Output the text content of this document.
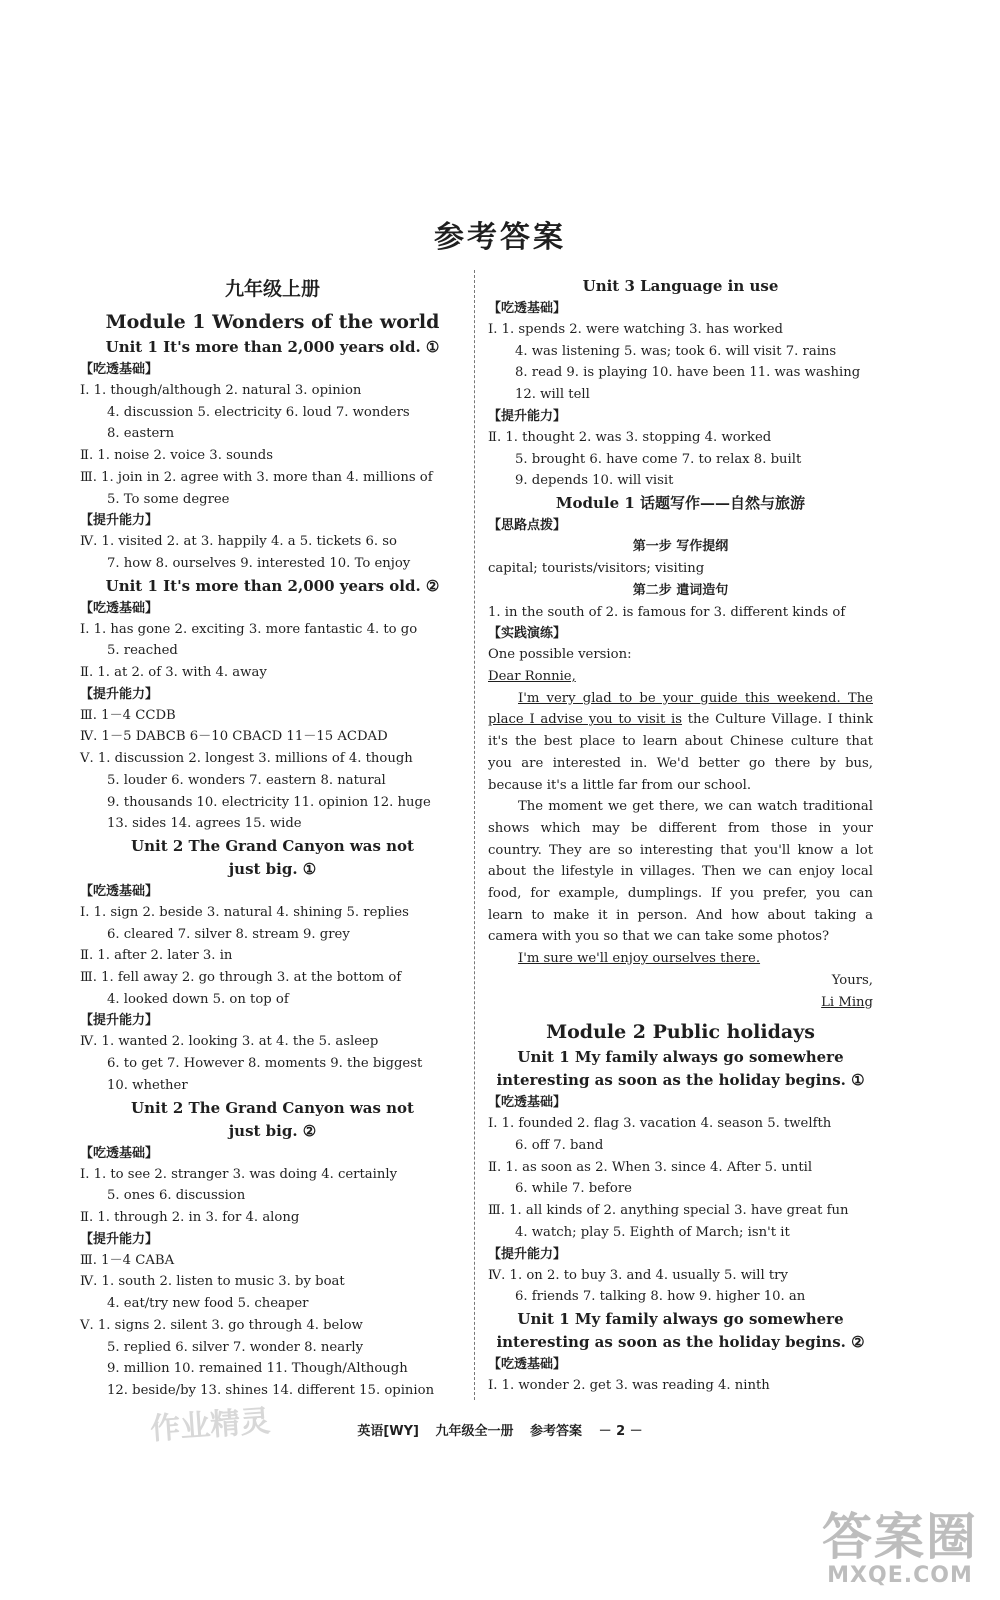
参考答案
九年级上册
Module 1 Wonders of the world
Unit 1 It's more than 2,000 years old. ①
【吃透基础】
Ⅰ. 1. though/although 2. natural 3. opinion
4. discussion 5. electricity 6. loud 7. wonders
8. eastern
Ⅱ. 1. noise 2. voice 3. sounds
Ⅲ. 1. join in 2. agree with 3. more than 4. millions of
5. To some degree
【提升能力】
Ⅳ. 1. visited 2. at 3. happily 4. a 5. tickets 6. so
7. how 8. ourselves 9. interested 10. To enjoy
Unit 1 It's more than 2,000 years old. ②
【吃透基础】
Ⅰ. 1. has gone 2. exciting 3. more fantastic 4. to go
5. reached
Ⅱ. 1. at 2. of 3. with 4. away
【提升能力】
Ⅲ. 1－4 CCDB
Ⅳ. 1－5 DABCB 6－10 CBACD 11－15 ACDAD
Ⅴ. 1. discussion 2. longest 3. millions of 4. though
5. louder 6. wonders 7. eastern 8. natural
9. thousands 10. electricity 11. opinion 12. huge
13. sides 14. agrees 15. wide
Unit 2 The Grand Canyon was not
just big. ①
【吃透基础】
Ⅰ. 1. sign 2. beside 3. natural 4. shining 5. replies
6. cleared 7. silver 8. stream 9. grey
Ⅱ. 1. after 2. later 3. in
Ⅲ. 1. fell away 2. go through 3. at the bottom of
4. looked down 5. on top of
【提升能力】
Ⅳ. 1. wanted 2. looking 3. at 4. the 5. asleep
6. to get 7. However 8. moments 9. the biggest
10. whether
Unit 2 The Grand Canyon was not
just big. ②
【吃透基础】
Ⅰ. 1. to see 2. stranger 3. was doing 4. certainly
5. ones 6. discussion
Ⅱ. 1. through 2. in 3. for 4. along
【提升能力】
Ⅲ. 1－4 CABA
Ⅳ. 1. south 2. listen to music 3. by boat
4. eat/try new food 5. cheaper
Ⅴ. 1. signs 2. silent 3. go through 4. below
5. replied 6. silver 7. wonder 8. nearly
9. million 10. remained 11. Though/Although
12. beside/by 13. shines 14. different 15. opinion
Unit 3 Language in use
【吃透基础】
Ⅰ. 1. spends 2. were watching 3. has worked
4. was listening 5. was; took 6. will visit 7. rains
8. read 9. is playing 10. have been 11. was washing
12. will tell
【提升能力】
Ⅱ. 1. thought 2. was 3. stopping 4. worked
5. brought 6. have come 7. to relax 8. built
9. depends 10. will visit
Module 1 话题写作——自然与旅游
【思路点拨】
第一步 写作提纲
capital; tourists/visitors; visiting
第二步 遣词造句
1. in the south of 2. is famous for 3. different kinds of
【实践演练】
One possible version:
Dear Ronnie,
I'm very glad to be your guide this weekend. The place I advise you to visit is the Culture Village. I think it's the best place to learn about Chinese culture that you are interested in. We'd better go there by bus, because it's a little far from our school.
The moment we get there, we can watch traditional shows which may be different from those in your country. They are so interesting that you'll know a lot about the lifestyle in villages. Then we can enjoy local food, for example, dumplings. If you prefer, you can learn to make it in person. And how about taking a camera with you so that we can take some photos?
I'm sure we'll enjoy ourselves there.
Yours,
Li Ming
Module 2 Public holidays
Unit 1 My family always go somewhere
interesting as soon as the holiday begins. ①
【吃透基础】
Ⅰ. 1. founded 2. flag 3. vacation 4. season 5. twelfth
6. off 7. band
Ⅱ. 1. as soon as 2. When 3. since 4. After 5. until
6. while 7. before
Ⅲ. 1. all kinds of 2. anything special 3. have great fun
4. watch; play 5. Eighth of March; isn't it
【提升能力】
Ⅳ. 1. on 2. to buy 3. and 4. usually 5. will try
6. friends 7. talking 8. how 9. higher 10. an
Unit 1 My family always go somewhere
interesting as soon as the holiday begins. ②
【吃透基础】
Ⅰ. 1. wonder 2. get 3. was reading 4. ninth
英语[WY] 九年级全一册 参考答案 － 2 －
作业精灵
答案圈
MXQE.COM
